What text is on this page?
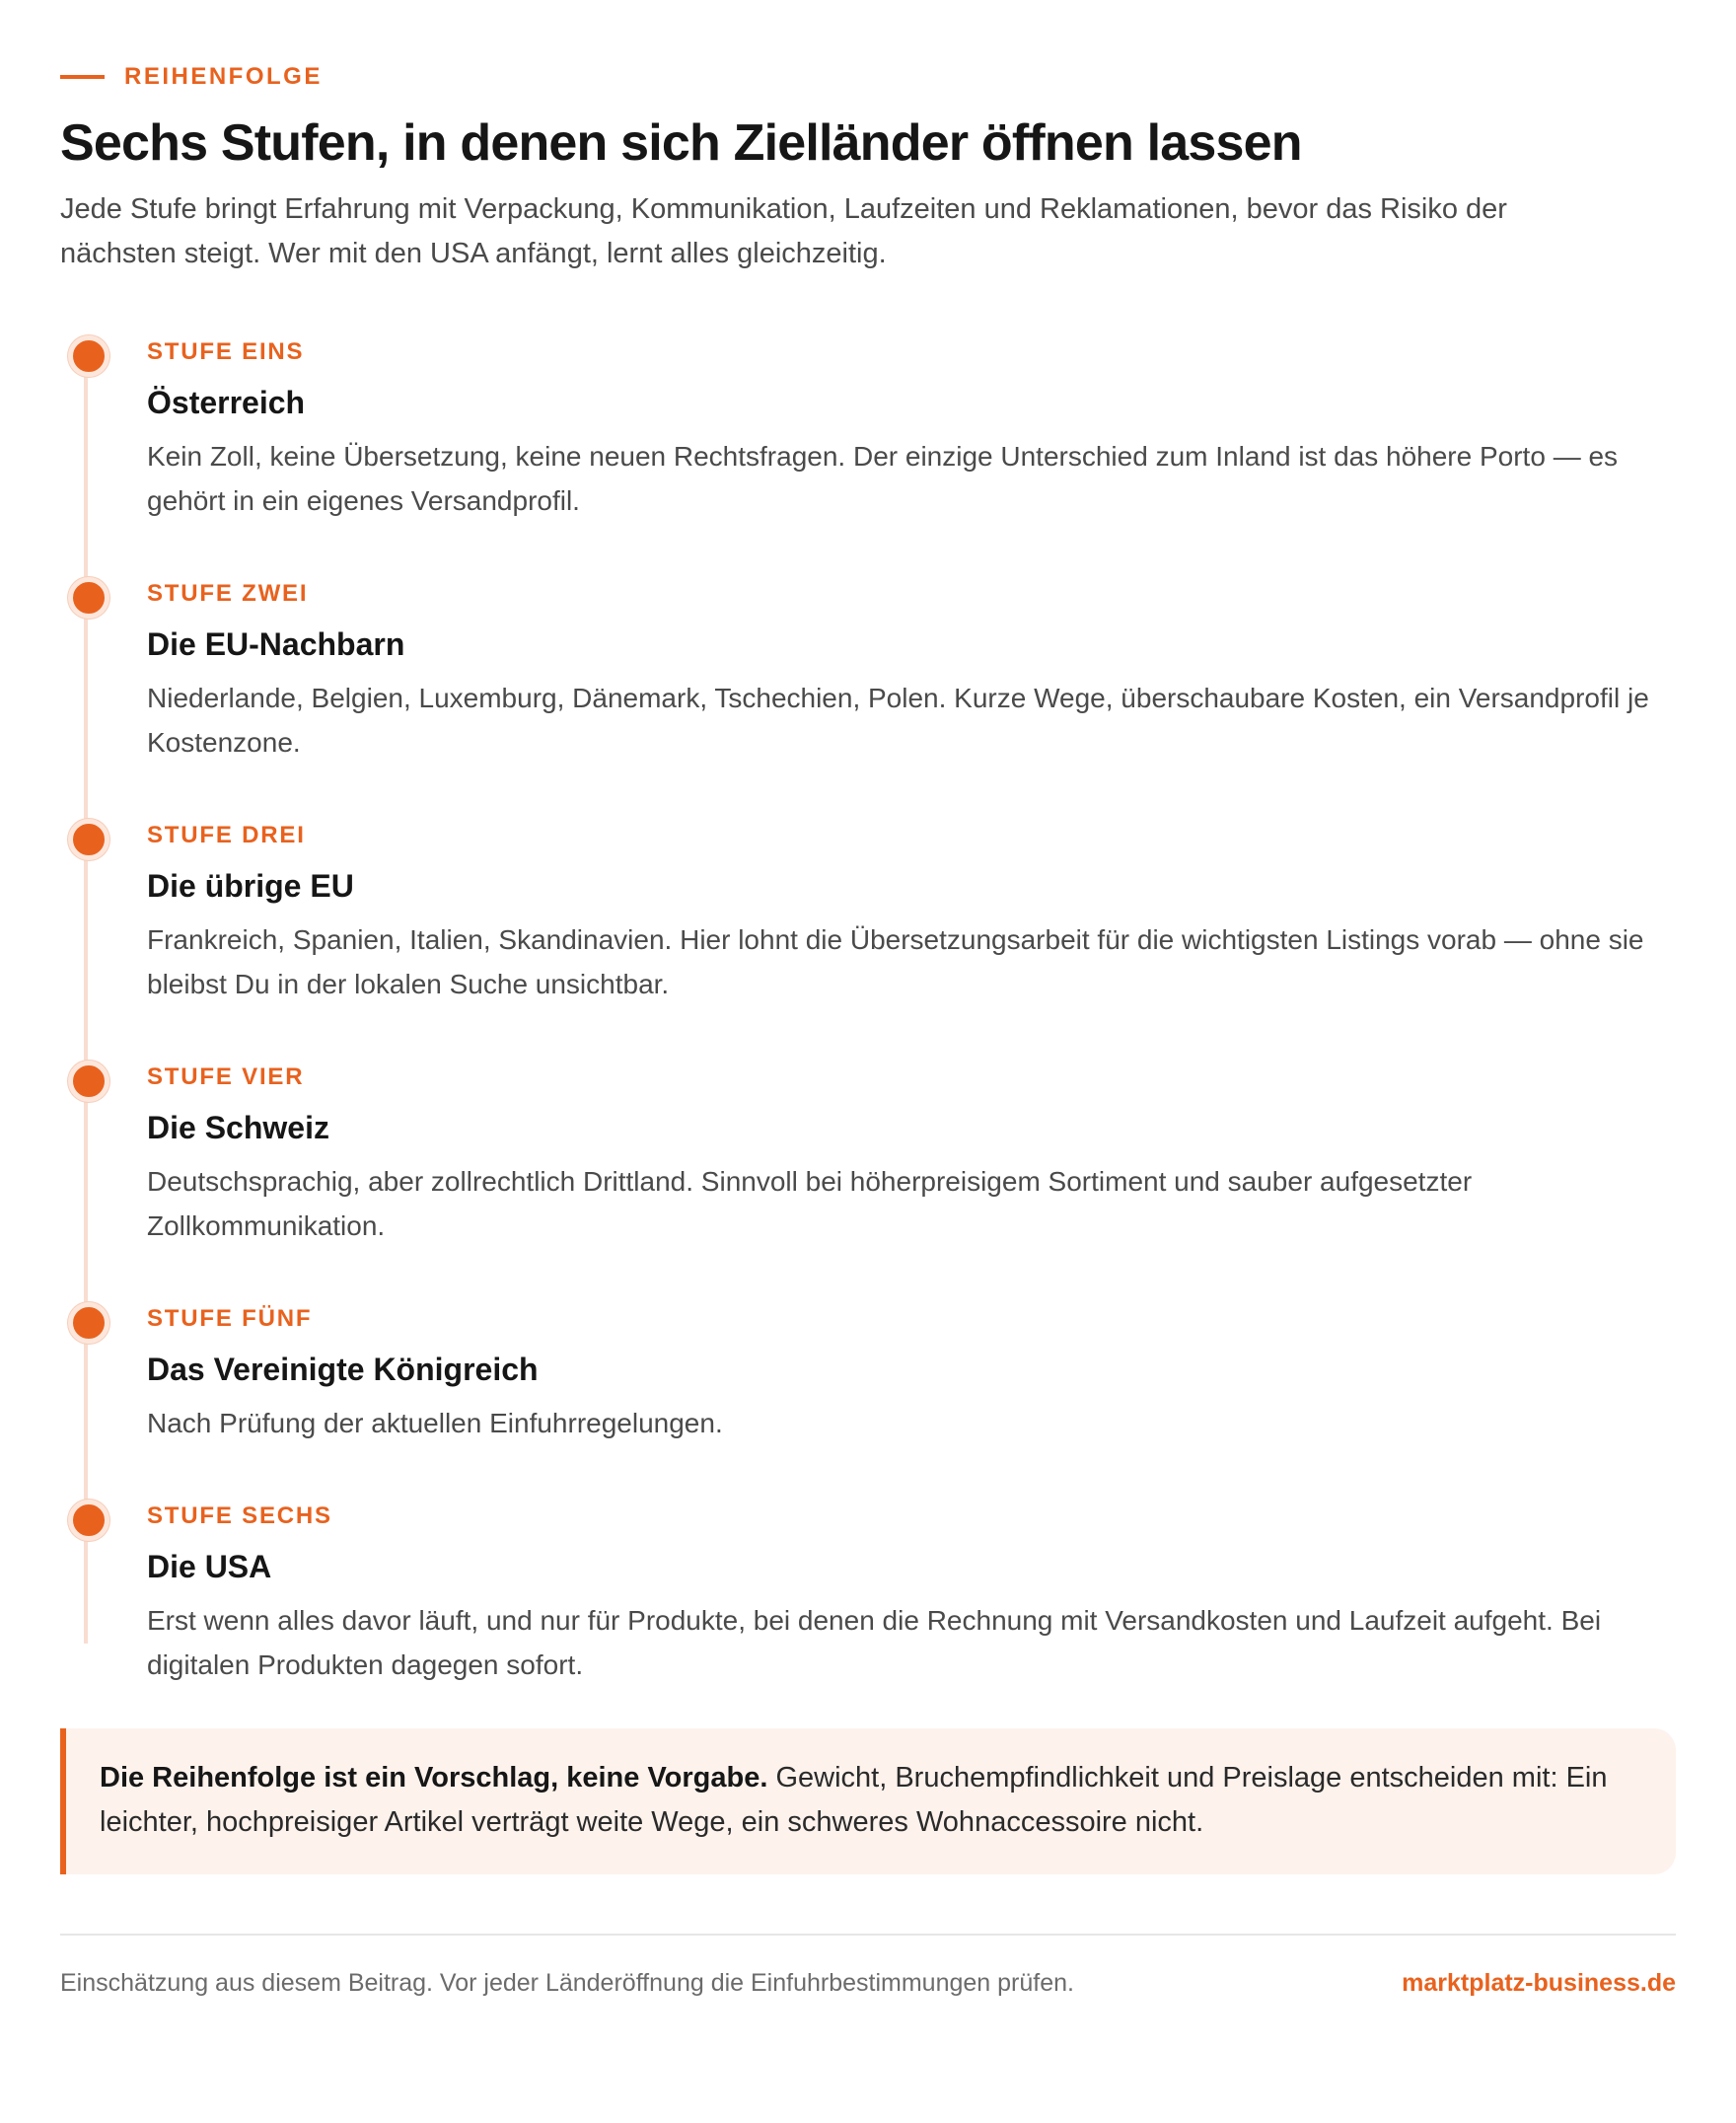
REIHENFOLGE
Sechs Stufen, in denen sich Zielländer öffnen lassen

Jede Stufe bringt Erfahrung mit Verpackung, Kommunikation, Laufzeiten und Reklamationen, bevor das Risiko der nächsten steigt. Wer mit den USA anfängt, lernt alles gleichzeitig.

STUFE EINS
Österreich
Kein Zoll, keine Übersetzung, keine neuen Rechtsfragen. Der einzige Unterschied zum Inland ist das höhere Porto — es gehört in ein eigenes Versandprofil.
STUFE ZWEI
Die EU-Nachbarn
Niederlande, Belgien, Luxemburg, Dänemark, Tschechien, Polen. Kurze Wege, überschaubare Kosten, ein Versandprofil je Kostenzone.
STUFE DREI
Die übrige EU
Frankreich, Spanien, Italien, Skandinavien. Hier lohnt die Übersetzungsarbeit für die wichtigsten Listings vorab — ohne sie bleibst Du in der lokalen Suche unsichtbar.
STUFE VIER
Die Schweiz
Deutschsprachig, aber zollrechtlich Drittland. Sinnvoll bei höherpreisigem Sortiment und sauber aufgesetzter Zollkommunikation.
STUFE FÜNF
Das Vereinigte Königreich
Nach Prüfung der aktuellen Einfuhrregelungen.
STUFE SECHS
Die USA
Erst wenn alles davor läuft, und nur für Produkte, bei denen die Rechnung mit Versandkosten und Laufzeit aufgeht. Bei digitalen Produkten dagegen sofort.
Die Reihenfolge ist ein Vorschlag, keine Vorgabe. Gewicht, Bruchempfindlichkeit und Preislage entscheiden mit: Ein leichter, hochpreisiger Artikel verträgt weite Wege, ein schweres Wohnaccessoire nicht.
Einschätzung aus diesem Beitrag. Vor jeder Länderöffnung die Einfuhrbestimmungen prüfen.	marktplatz-business.de
